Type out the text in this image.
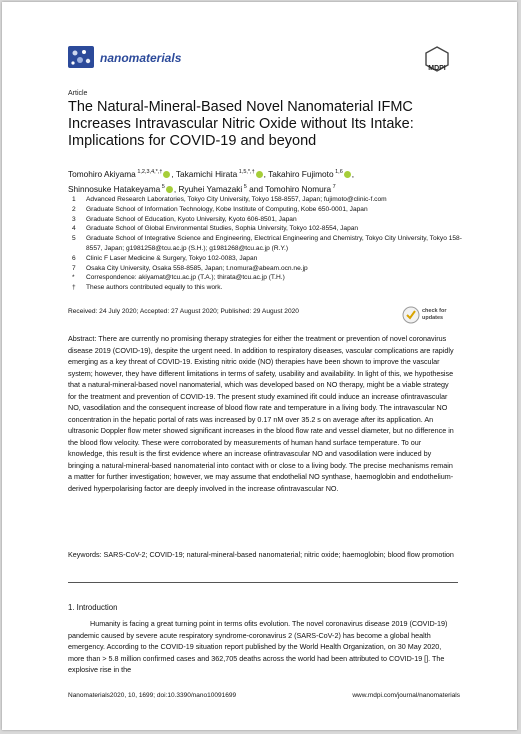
nanomaterials
MDPI
Article
The Natural-Mineral-Based Novel Nanomaterial IFMC Increases Intravascular Nitric Oxide without Its Intake: Implications for COVID-19 and beyond
Tomohiro Akiyama $^{1,2,3,4,*,\dagger}$ , Takamichi Hirata $^{1,5,*,\dagger}$ , Takahiro Fujimoto $^{1,6}$ ,
Shinnosuke Hatakeyama $^5$ , Ryuhei Yamazaki $^5$ and Tomohiro Nomura $^7$
1	Advanced Research Laboratories, Tokyo City University, Tokyo 158-8557, Japan; fujimoto@clinic-f.com
2	Graduate School of Information Technology, Kobe Institute of Computing, Kobe 650-0001, Japan
3	Graduate School of Education, Kyoto University, Kyoto 606-8501, Japan
4	Graduate School of Global Environmental Studies, Sophia University, Tokyo 102-8554, Japan
5	Graduate School of Integrative Science and Engineering, Electrical Engineering and Chemistry, Tokyo City University, Tokyo 158-8557, Japan; g1981258@tcu.ac.jp (S.H.); g1981268@tcu.ac.jp (R.Y.)
6	Clinic F Laser Medicine & Surgery, Tokyo 102-0083, Japan
7	Osaka City University, Osaka 558-8585, Japan; t.nomura@abeam.ocn.ne.jp
*	Correspondence: akiyamat@tcu.ac.jp (T.A.); thirata@tcu.ac.jp (T.H.)
†	These authors contributed equally to this work.
Received: 24 July 2020; Accepted: 27 August 2020; Published: 29 August 2020	check for updates
Abstract: There are currently no promising therapy strategies for either the treatment or prevention of novel coronavirus disease 2019 (COVID-19), despite the urgent need. In addition to respiratory diseases, vascular complications are rapidly emerging as a key threat of COVID-19. Existing nitric oxide (NO) therapies have been shown to improve the vascular system; however, they have different limitations in terms of safety, usability and availability. In light of this, we hypothesise that a natural-mineral-based novel nanomaterial, which was developed based on NO therapy, might be a viable strategy for the treatment and prevention of COVID-19. The present study examined ifit could induce an increase ofintravascular NO, vasodilation and the consequent increase of blood flow rate and temperature in a living body. The intravascular NO concentration in the hepatic portal of rats was increased by 0.17 nM over 35.2 s on average after its application. An ultrasonic Doppler flow meter showed significant increases in the blood flow rate and vessel diameter, but no difference in the blood flow velocity. These were corroborated by measurements of human hand surface temperature. To our knowledge, this result is the first evidence where an increase ofintravascular NO and vasodilation were induced by bringing a natural-mineral-based nanomaterial into contact with or close to a living body. The precise mechanisms remain a matter for further investigation; however, we may assume that endothelial NO synthase, haemoglobin and endothelium-derived hyperpolarising factor are deeply involved in the increase ofintravascular NO.
Keywords: SARS-CoV-2; COVID-19; natural-mineral-based nanomaterial; nitric oxide; haemoglobin; blood flow promotion
1. Introduction
Humanity is facing a great turning point in terms ofits evolution. The novel coronavirus disease 2019 (COVID-19) pandemic caused by severe acute respiratory syndrome-coronavirus 2 (SARS-CoV-2) has become a global health emergency. According to the COVID-19 situation report published by the World Health Organization, on 30 May 2020, more than > 5.8 million confirmed cases and 362,705 deaths across the world had been attributed to COVID-19 []. The explosive rise in the
Nanomaterials2020, 10, 1699; doi:10.3390/nano10091699	www.mdpi.com/journal/nanomaterials
